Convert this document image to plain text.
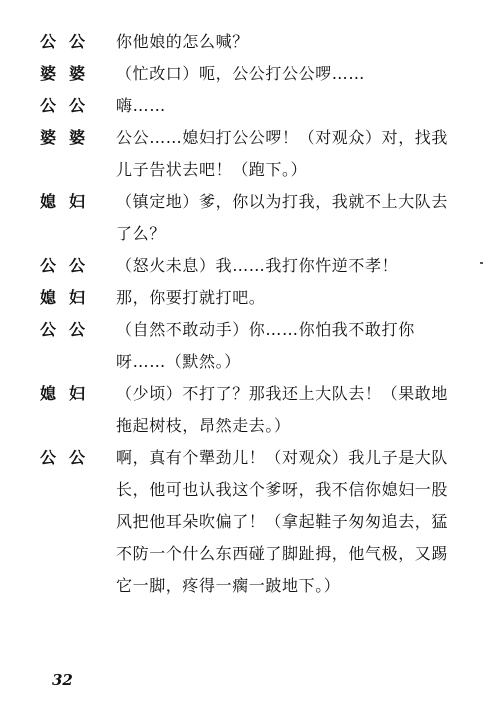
公公	你他娘的怎么喊？
婆婆	（忙改口）呃，公公打公公啰……
公公	嗨……
婆婆	公公……媳妇打公公啰！（对观众）对，找我儿子告状去吧！（跑下。）
媳妇	（镇定地）爹，你以为打我，我就不上大队去了么？
公公	（怒火未息）我……我打你忤逆不孝！
媳妇	那，你要打就打吧。
公公	（自然不敢动手）你……你怕我不敢打你呀……（默然。）
媳妇	（少顷）不打了？那我还上大队去！（果敢地拖起树枝，昂然走去。）
公公	啊，真有个犟劲儿！（对观众）我儿子是大队长，他可也认我这个爹呀，我不信你媳妇一股风把他耳朵吹偏了！（拿起鞋子匆匆追去，猛不防一个什么东西碰了脚趾拇，他气极，又踢它一脚，疼得一瘸一跛地下。）
32
